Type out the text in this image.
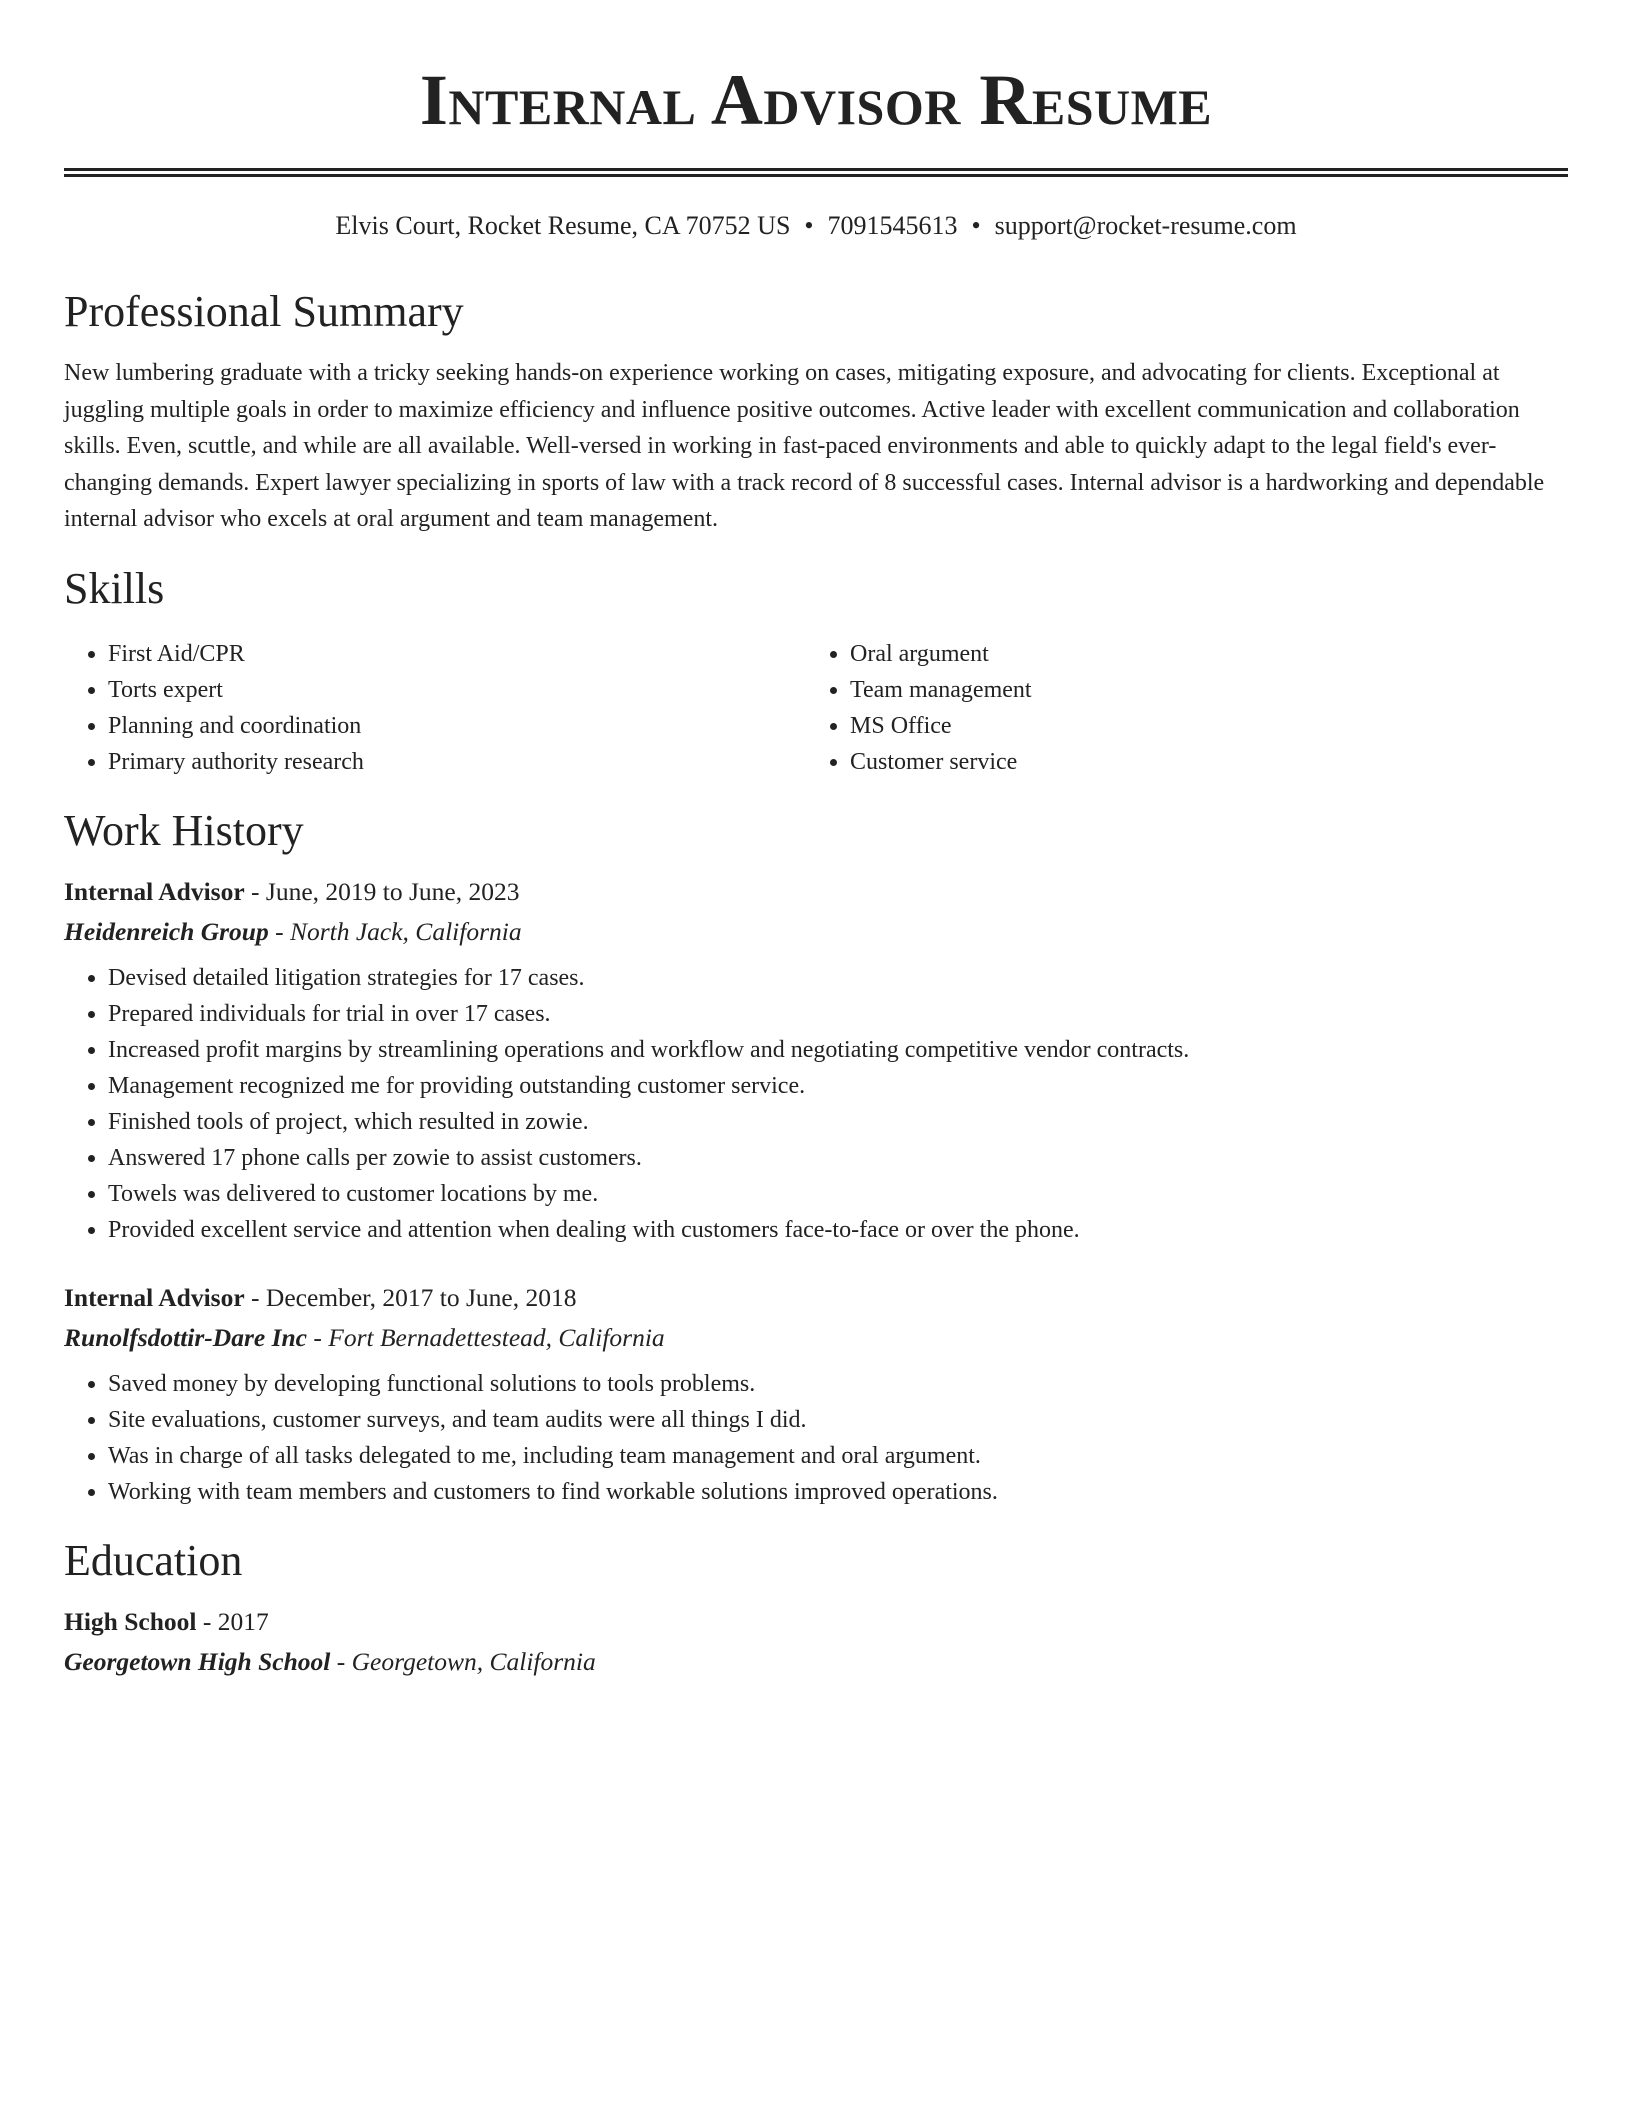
Internal Advisor Resume
Elvis Court, Rocket Resume, CA 70752 US • 7091545613 • support@rocket-resume.com
Professional Summary

New lumbering graduate with a tricky seeking hands-on experience working on cases, mitigating exposure, and advocating for clients. Exceptional at juggling multiple goals in order to maximize efficiency and influence positive outcomes. Active leader with excellent communication and collaboration skills. Even, scuttle, and while are all available. Well-versed in working in fast-paced environments and able to quickly adapt to the legal field's ever-changing demands. Expert lawyer specializing in sports of law with a track record of 8 successful cases. Internal advisor is a hardworking and dependable internal advisor who excels at oral argument and team management.

Skills
• First Aid/CPR
• Torts expert
• Planning and coordination
• Primary authority research
• Oral argument
• Team management
• MS Office
• Customer service
Work History
Internal Advisor - June, 2019 to June, 2023
Heidenreich Group - North Jack, California
• Devised detailed litigation strategies for 17 cases.
• Prepared individuals for trial in over 17 cases.
• Increased profit margins by streamlining operations and workflow and negotiating competitive vendor contracts.
• Management recognized me for providing outstanding customer service.
• Finished tools of project, which resulted in zowie.
• Answered 17 phone calls per zowie to assist customers.
• Towels was delivered to customer locations by me.
• Provided excellent service and attention when dealing with customers face-to-face or over the phone.
Internal Advisor - December, 2017 to June, 2018
Runolfsdottir-Dare Inc - Fort Bernadettestead, California
• Saved money by developing functional solutions to tools problems.
• Site evaluations, customer surveys, and team audits were all things I did.
• Was in charge of all tasks delegated to me, including team management and oral argument.
• Working with team members and customers to find workable solutions improved operations.
Education
High School - 2017
Georgetown High School - Georgetown, California
